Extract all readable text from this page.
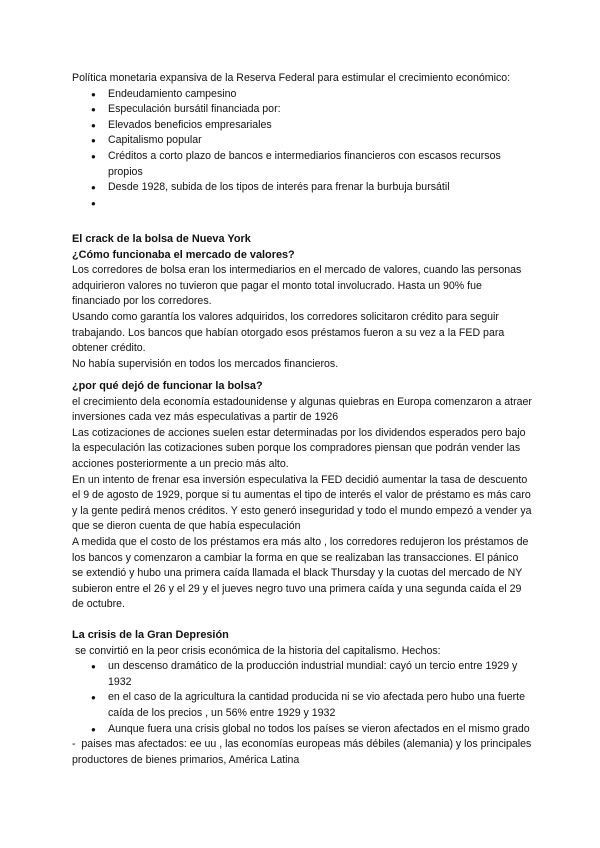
Política monetaria expansiva de la Reserva Federal para estimular el crecimiento económico:

● Endeudamiento campesino
● Especulación bursátil financiada por:
● Elevados beneficios empresariales
● Capitalismo popular
● Créditos a corto plazo de bancos e intermediarios financieros con escasos recursos propios
● Desde 1928, subida de los tipos de interés para frenar la burbuja bursátil
●

El crack de la bolsa de Nueva York

¿Cómo funcionaba el mercado de valores?

Los corredores de bolsa eran los intermediarios en el mercado de valores, cuando las personas adquirieron valores no tuvieron que pagar el monto total involucrado. Hasta un 90% fue financiado por los corredores.

Usando como garantía los valores adquiridos, los corredores solicitaron crédito para seguir trabajando. Los bancos que habían otorgado esos préstamos fueron a su vez a la FED para obtener crédito.

No había supervisión en todos los mercados financieros.

¿por qué dejó de funcionar la bolsa?

el crecimiento dela economía estadounidense y algunas quiebras en Europa comenzaron a atraer inversiones cada vez más especulativas a partir de 1926

Las cotizaciones de acciones suelen estar determinadas por los dividendos esperados pero bajo la especulación las cotizaciones suben porque los compradores piensan que podrán vender las acciones posteriormente a un precio más alto.

En un intento de frenar esa inversión especulativa la FED decidió aumentar la tasa de descuento el 9 de agosto de 1929, porque si tu aumentas el tipo de interés el valor de préstamo es más caro y la gente pedirá menos créditos. Y esto generó inseguridad y todo el mundo empezó a vender ya que se dieron cuenta de que había especulación

A medida que el costo de los préstamos era más alto , los corredores redujeron los préstamos de los bancos y comenzaron a cambiar la forma en que se realizaban las transacciones. El pánico se extendió y hubo una primera caída llamada el black Thursday y la cuotas del mercado de NY subieron entre el 26 y el 29 y el jueves negro tuvo una primera caída y una segunda caída el 29 de octubre.

La crisis de la Gran Depresión

se convirtió en la peor crisis económica de la historia del capitalismo. Hechos:

● un descenso dramático de la producción industrial mundial: cayó un tercio entre 1929 y 1932
● en el caso de la agricultura la cantidad producida ni se vio afectada pero hubo una fuerte caída de los precios , un 56% entre 1929 y 1932
● Aunque fuera una crisis global no todos los países se vieron afectados en el mismo grado

-  paises mas afectados: ee uu , las economías europeas más débiles (alemania) y los principales productores de bienes primarios, América Latina
